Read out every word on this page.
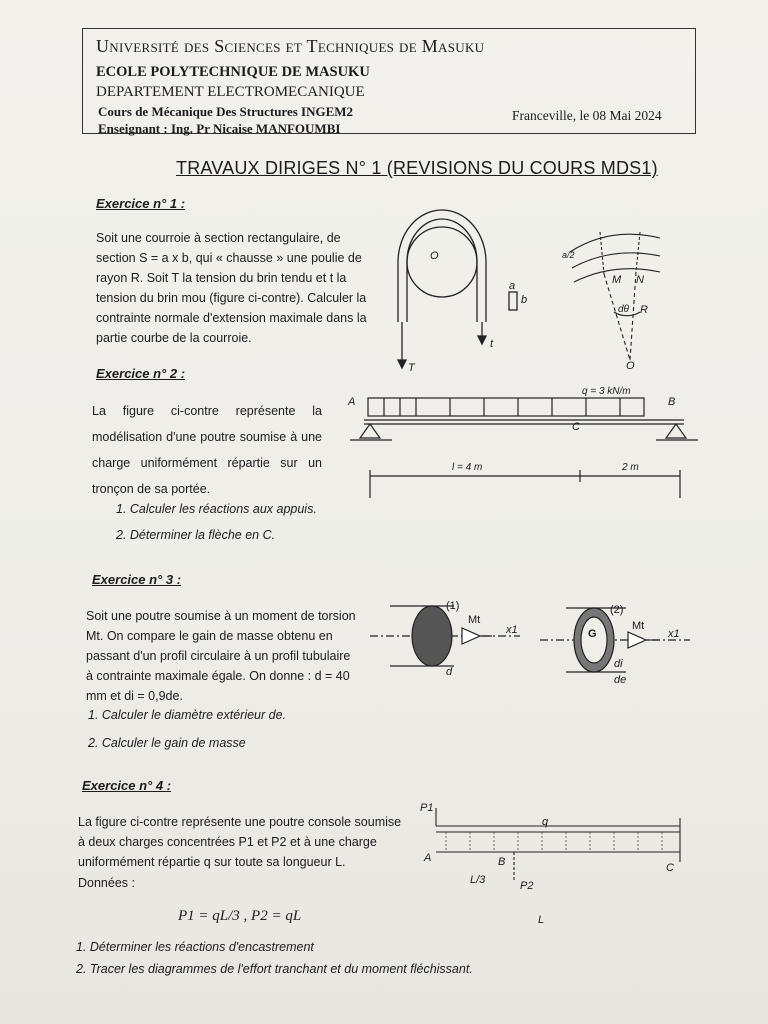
Université des Sciences et Techniques de Masuku
ECOLE POLYTECHNIQUE DE MASUKU
DEPARTEMENT ELECTROMECANIQUE
Cours de Mécanique Des Structures INGEM2
Enseignant : Ing. Pr Nicaise MANFOUMBI
Franceville, le 08 Mai 2024
TRAVAUX DIRIGES N° 1 (REVISIONS DU COURS MDS1)
Exercice n° 1 :
Soit une courroie à section rectangulaire, de section S = a x b, qui « chausse » une poulie de rayon R. Soit T la tension du brin tendu et t la tension du brin mou (figure ci-contre). Calculer la contrainte normale d'extension maximale dans la partie courbe de la courroie.
O
T
t
a
b
a/2
M N
dθ R
O
Exercice n° 2 :
La figure ci-contre représente la modélisation d'une poutre soumise à une charge uniformément répartie sur un tronçon de sa portée.
1. Calculer les réactions aux appuis.
2. Déterminer la flèche en C.
A	B
C
q = 3 kN/m
l = 4 m	2 m
Exercice n° 3 :
Soit une poutre soumise à un moment de torsion Mt. On compare le gain de masse obtenu en passant d'un profil circulaire à un profil tubulaire à contrainte maximale égale. On donne : d = 40 mm et di = 0,9de.
1. Calculer le diamètre extérieur de.
2. Calculer le gain de masse
(1)	(2)
Mt	Mt
x1	x1
d
G
di
de
Exercice n° 4 :
La figure ci-contre représente une poutre console soumise à deux charges concentrées P1 et P2 et à une charge uniformément répartie q sur toute sa longueur L.
Données :
P1 = qL/3 , P2 = qL
1. Déterminer les réactions d'encastrement
2. Tracer les diagrammes de l'effort tranchant et du moment fléchissant.
P1
q
A	B	C
L/3	P2
L
